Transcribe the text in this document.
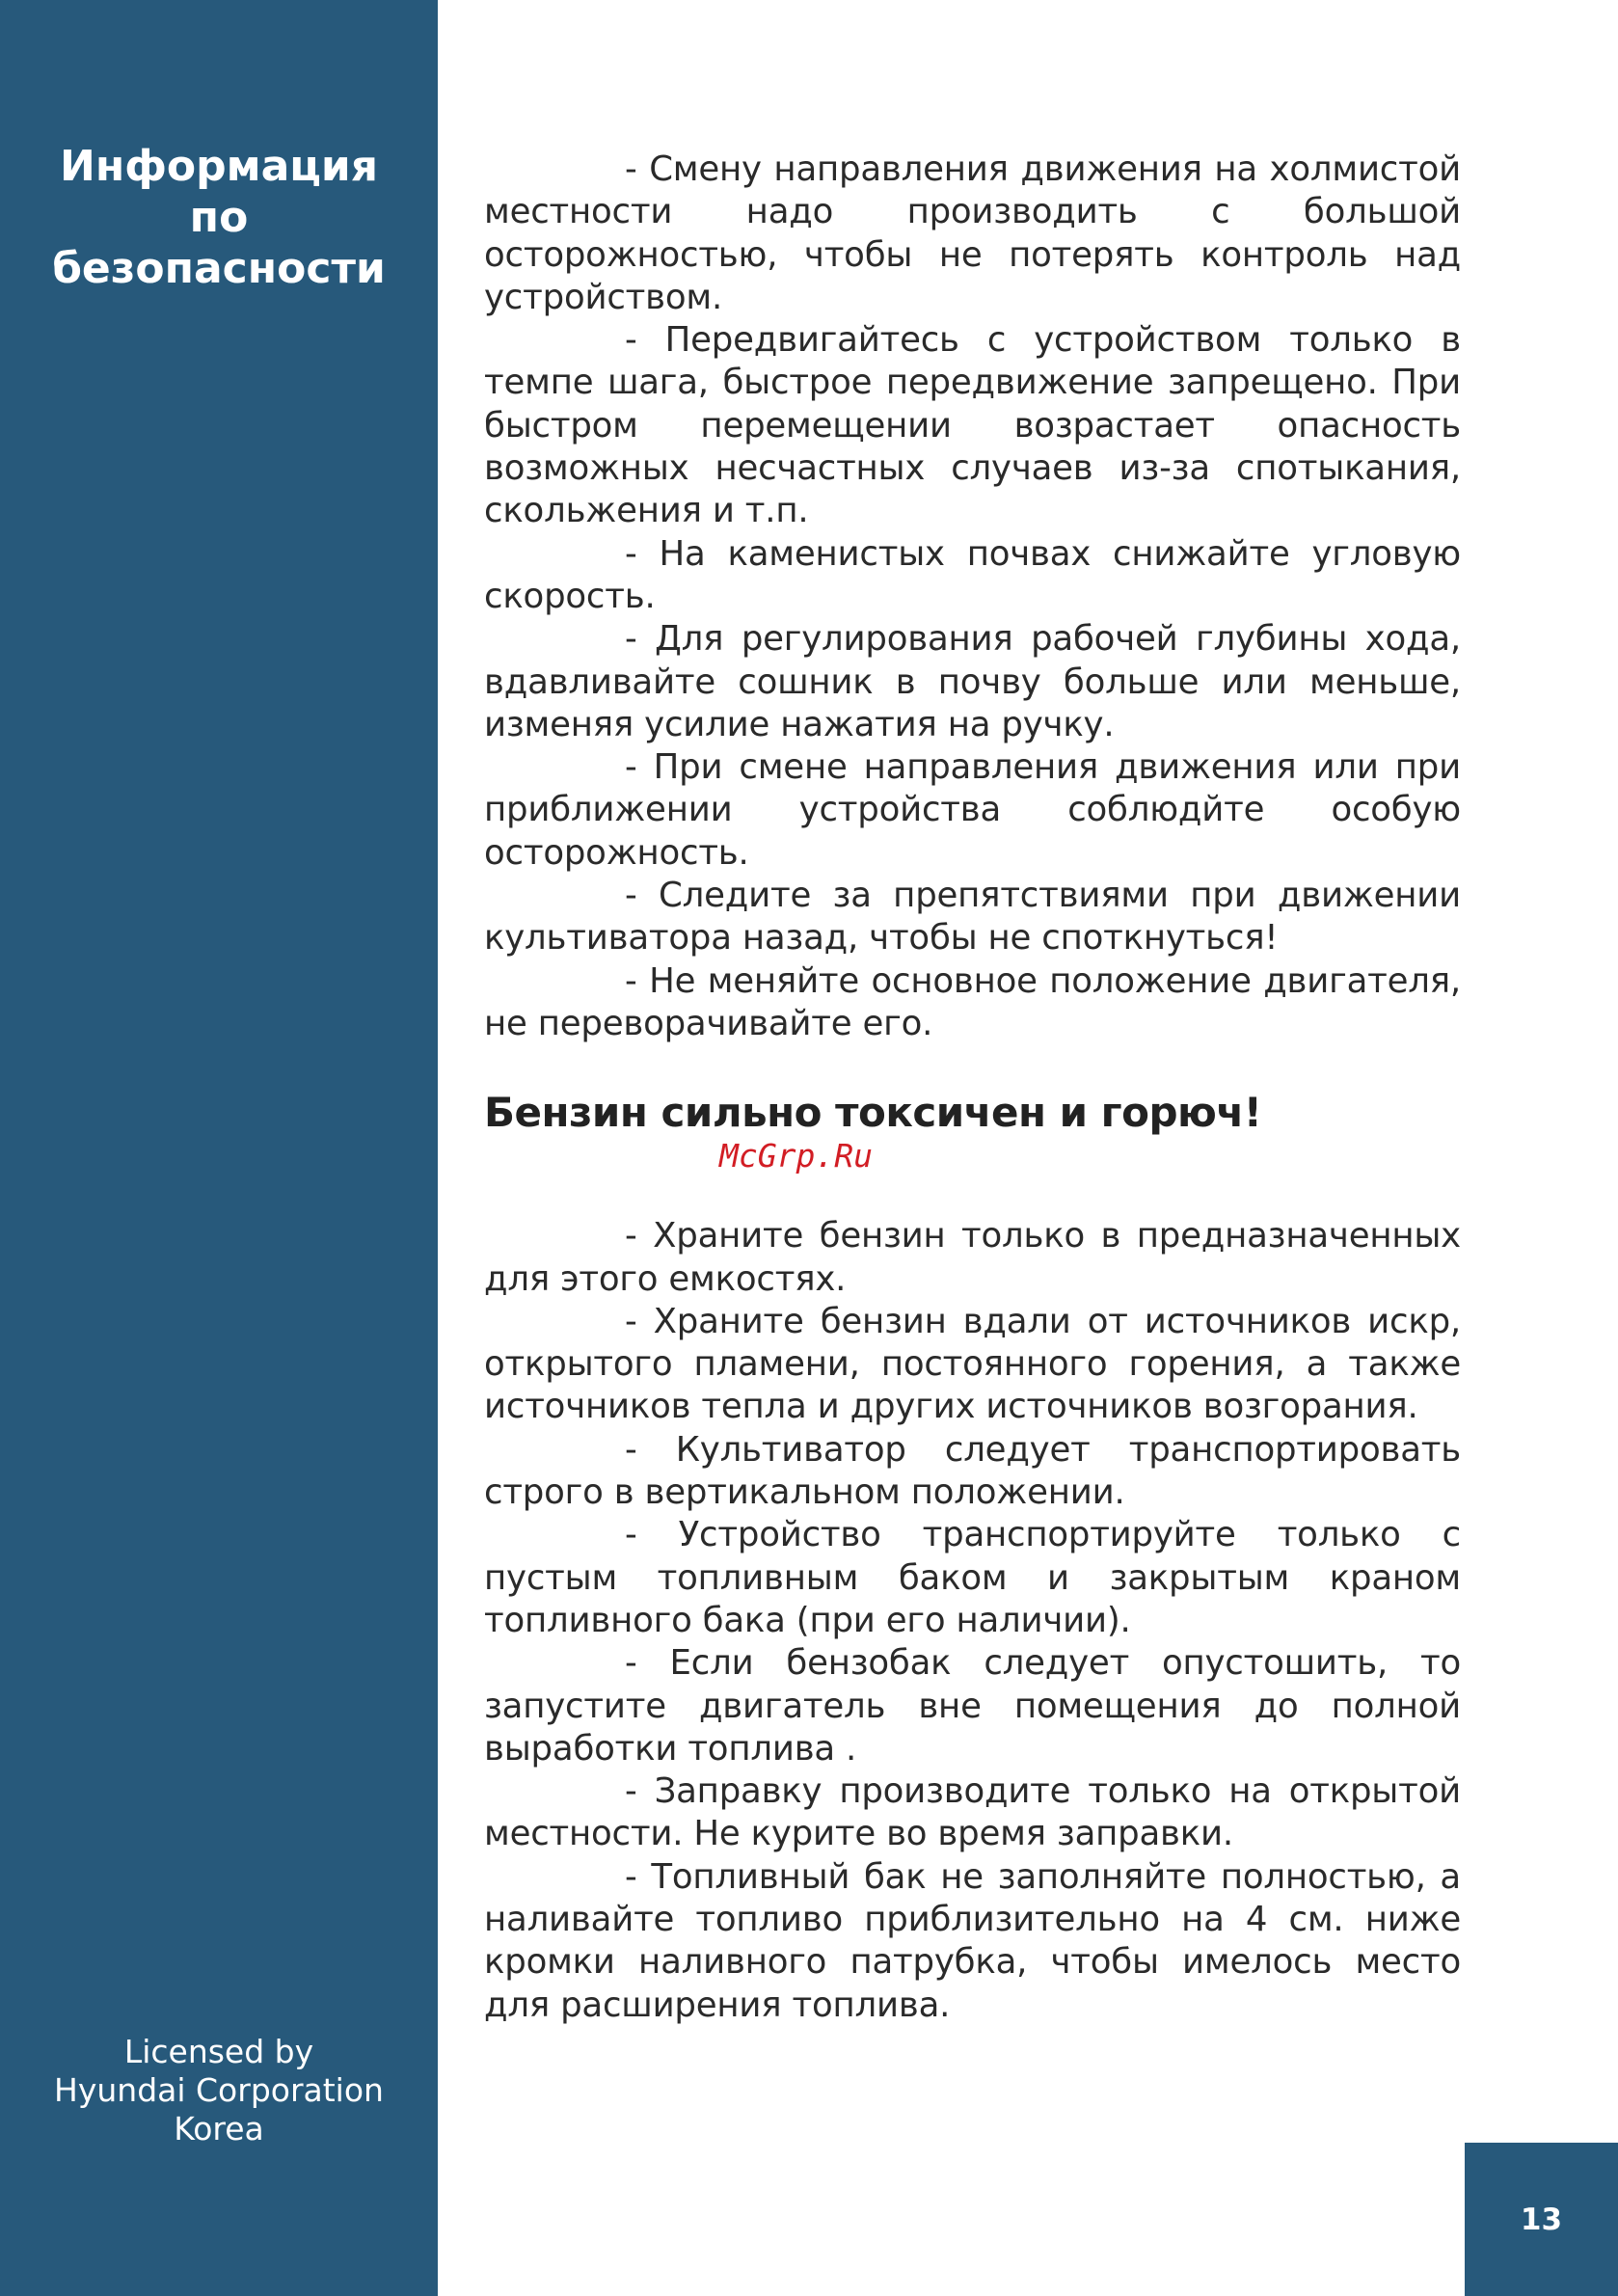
Информация
по
безопасности
Licensed by
Hyundai Corporation
Korea
13

- Смену направления движения на холмистой местности надо производить с большой осторожностью, чтобы не потерять контроль над устройством.

- Передвигайтесь с устройством только в темпе шага, быстрое передвижение запрещено. При быстром перемещении возрастает опасность возможных несчастных случаев из-за спотыкания, скольжения и т.п.

- На каменистых почвах снижайте угловую скорость.

- Для регулирования рабочей глубины хода, вдавливайте сошник в почву больше или меньше, изменяя усилие нажатия на ручку.

- При смене направления движения или при приближении устройства соблюдйте особую осторожность.

- Следите за препятствиями при движении культиватора назад, чтобы не споткнуться!

- Не меняйте основное положение двигателя, не переворачивайте его.

Бензин сильно токсичен и горюч!

McGrp.Ru

- Храните бензин только в предназначенных для этого емкостях.

- Храните бензин вдали от источников искр, открытого пламени, постоянного горения, а также источников тепла и других источников возгорания.

- Культиватор следует транспортировать строго в вертикальном положении.

- Устройство транспортируйте только с пустым топливным баком и закрытым краном топливного бака (при его наличии).

- Если бензобак следует опустошить, то запустите двигатель вне помещения до полной выработки топлива .

- Заправку производите только на открытой местности. Не курите во время заправки.

- Топливный бак не заполняйте полностью, а наливайте топливо приблизительно на 4 см. ниже кромки наливного патрубка, чтобы имелось место для расширения топлива.
